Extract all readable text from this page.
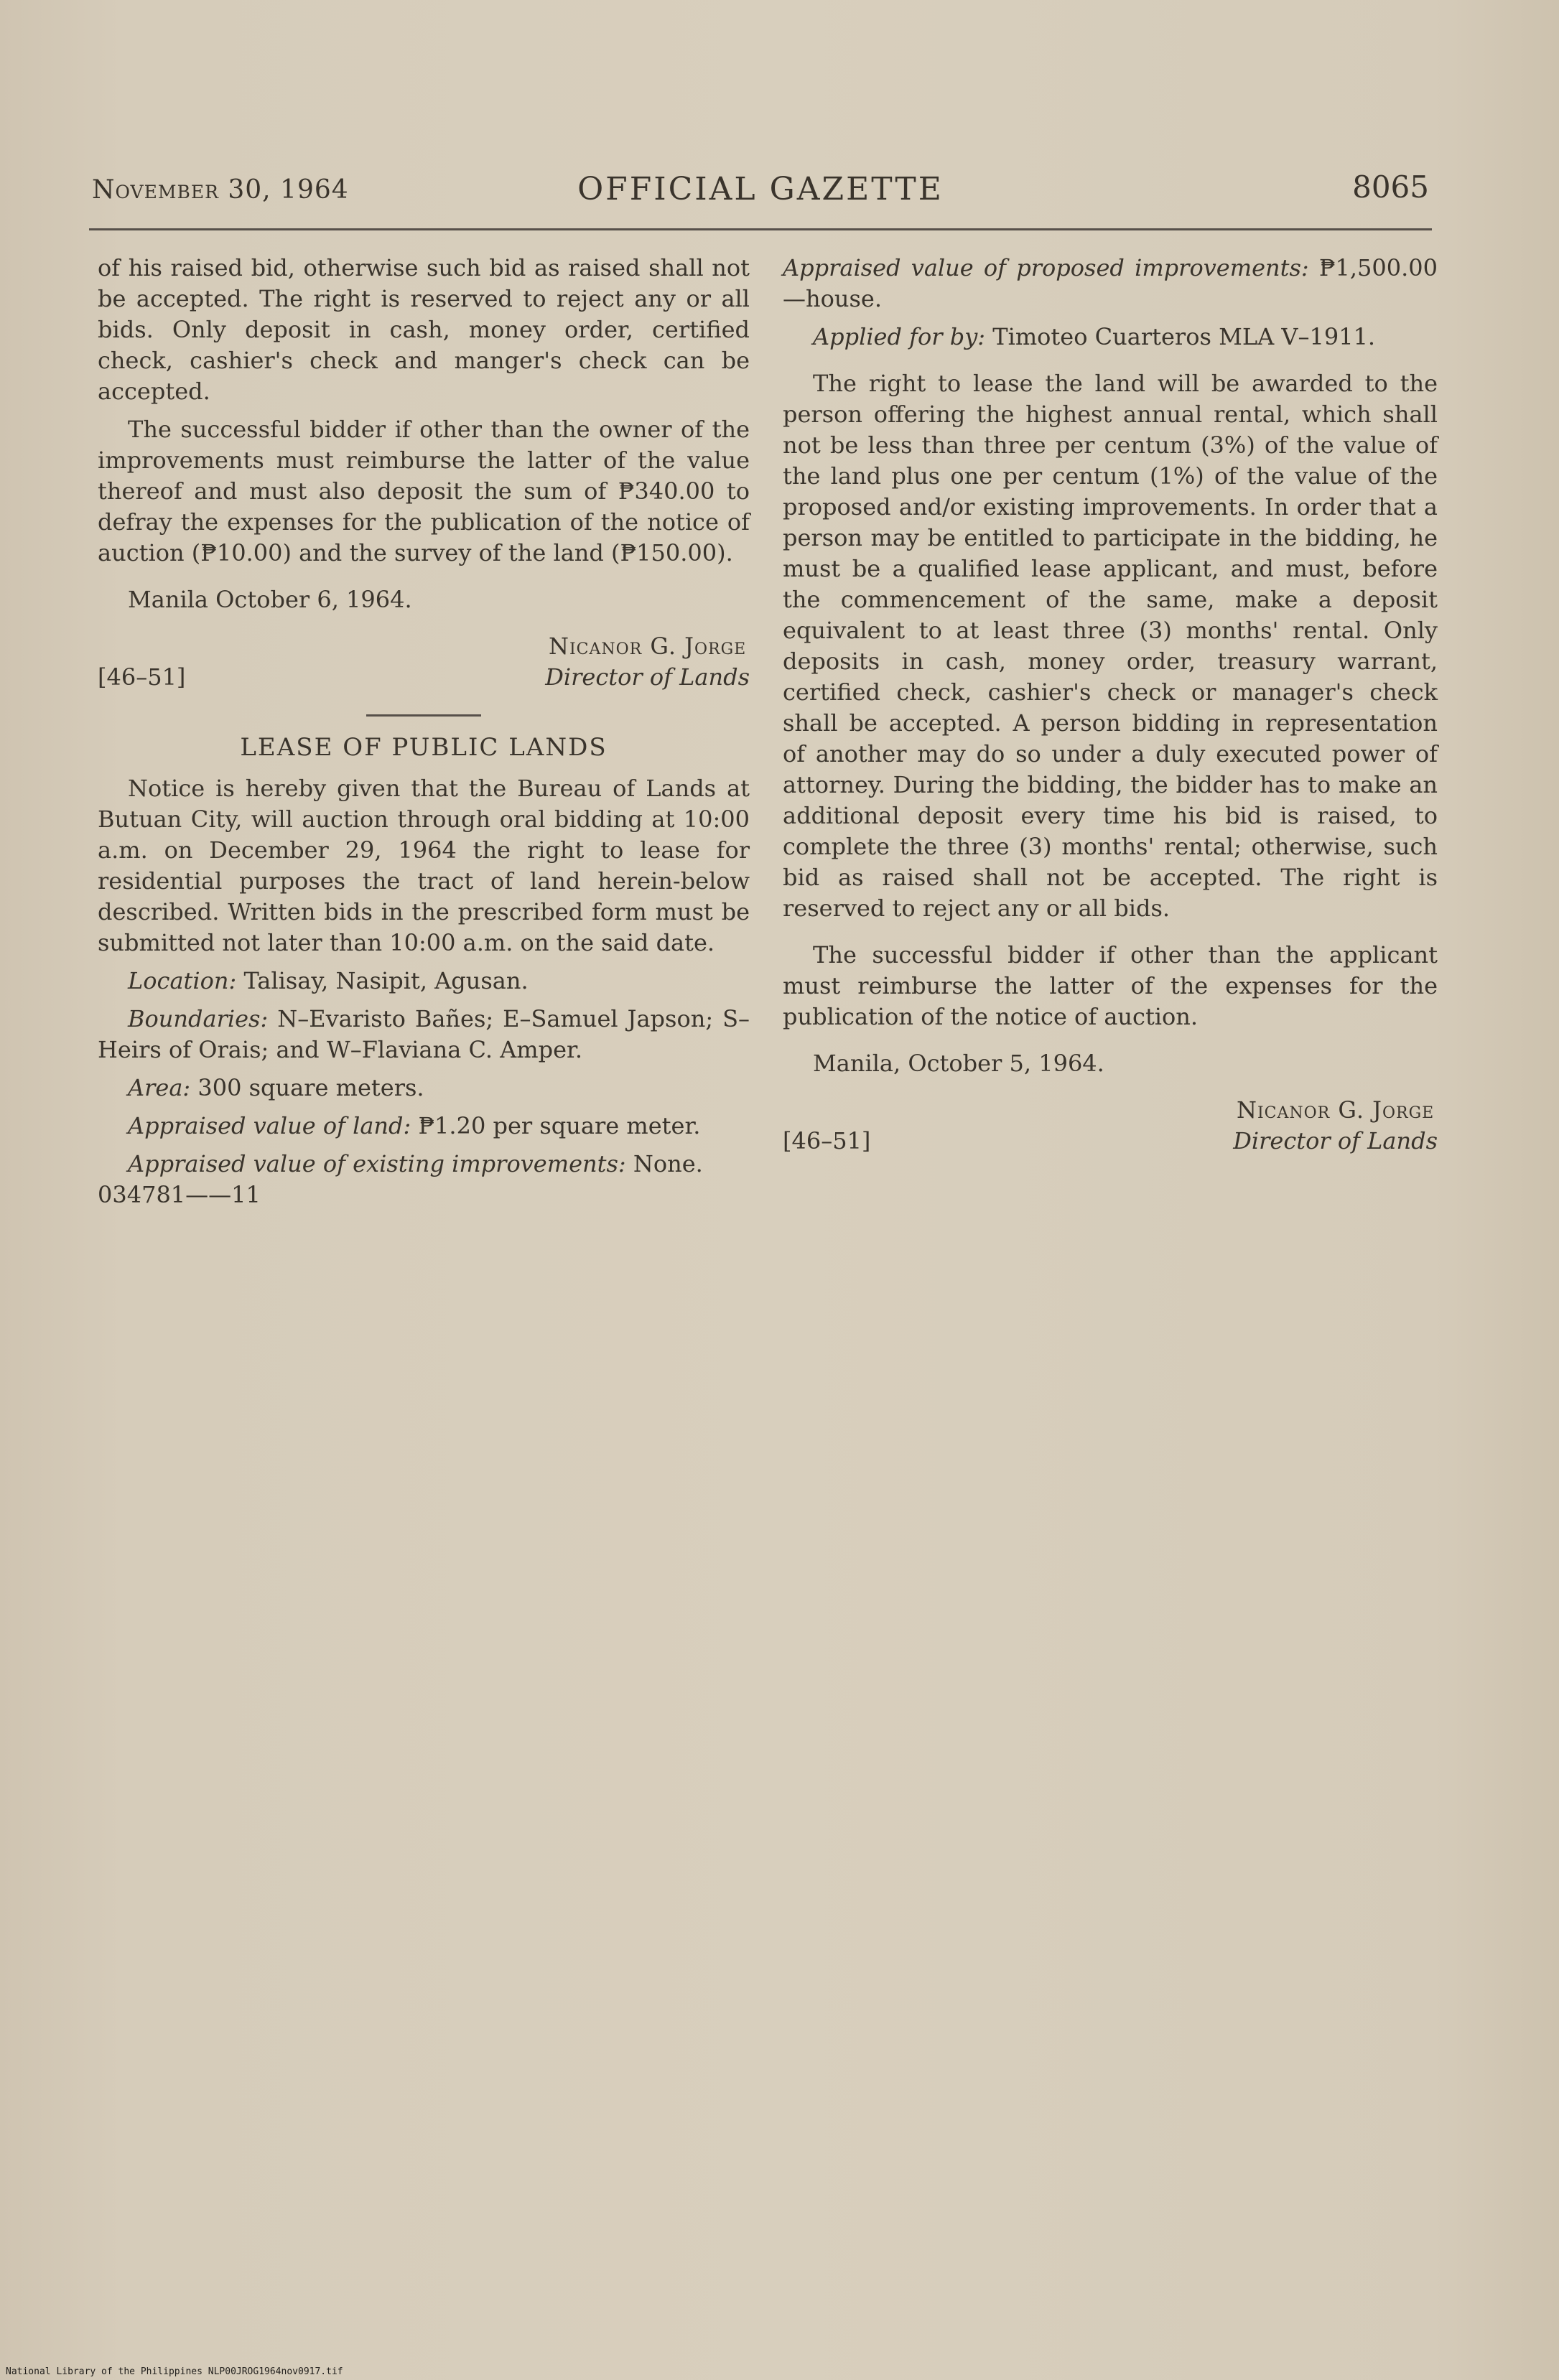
November 30, 1964	OFFICIAL GAZETTE	8065

of his raised bid, otherwise such bid as raised shall not be accepted. The right is reserved to reject any or all bids. Only deposit in cash, money order, certified check, cashier's check and manger's check can be accepted.

The successful bidder if other than the owner of the improvements must reimburse the latter of the value thereof and must also deposit the sum of ₱340.00 to defray the expenses for the publication of the notice of auction (₱10.00) and the survey of the land (₱150.00).

Manila October 6, 1964.

[46–51]
Nicanor G. Jorge
Director of Lands

LEASE OF PUBLIC LANDS

Notice is hereby given that the Bureau of Lands at Butuan City, will auction through oral bidding at 10:00 a.m. on December 29, 1964 the right to lease for residential purposes the tract of land herein-below described. Written bids in the prescribed form must be submitted not later than 10:00 a.m. on the said date.

Location: Talisay, Nasipit, Agusan.

Boundaries: N–Evaristo Bañes; E–Samuel Japson; S–Heirs of Orais; and W–Flaviana C. Amper.

Area: 300 square meters.

Appraised value of land: ₱1.20 per square meter.

Appraised value of existing improvements: None.

034781——11

Appraised value of proposed improvements: ₱1,500.00—house.

Applied for by: Timoteo Cuarteros MLA V–1911.

The right to lease the land will be awarded to the person offering the highest annual rental, which shall not be less than three per centum (3%) of the value of the land plus one per centum (1%) of the value of the proposed and/or existing improvements. In order that a person may be entitled to participate in the bidding, he must be a qualified lease applicant, and must, before the commencement of the same, make a deposit equivalent to at least three (3) months' rental. Only deposits in cash, money order, treasury warrant, certified check, cashier's check or manager's check shall be accepted. A person bidding in representation of another may do so under a duly executed power of attorney. During the bidding, the bidder has to make an additional deposit every time his bid is raised, to complete the three (3) months' rental; otherwise, such bid as raised shall not be accepted. The right is reserved to reject any or all bids.

The successful bidder if other than the applicant must reimburse the latter of the expenses for the publication of the notice of auction.

Manila, October 5, 1964.

[46–51]
Nicanor G. Jorge
Director of Lands
National Library of the Philippines NLP00JROG1964nov0917.tif
